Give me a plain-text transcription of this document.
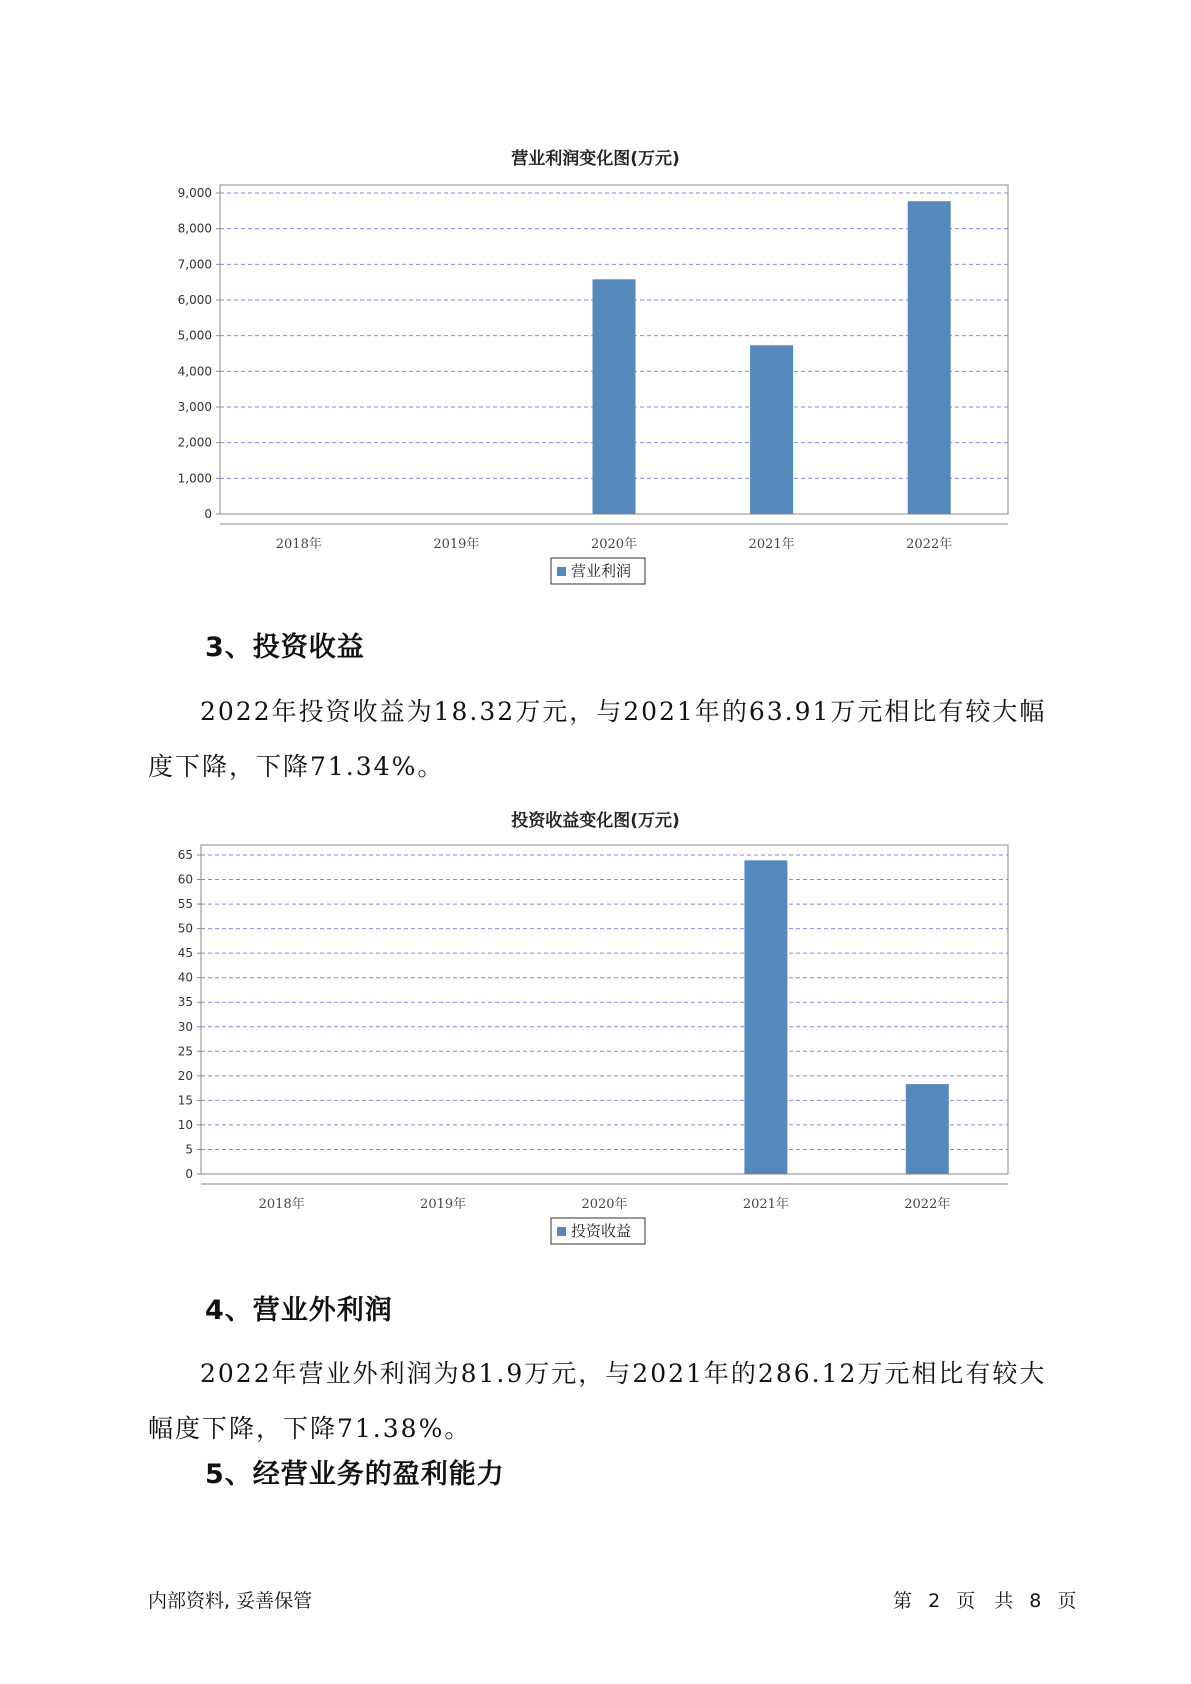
营业利润变化图(万元)
0
1,000
2,000
3,000
4,000
5,000
6,000
7,000
8,000
9,000
2018年	2019年	2020年	2021年	2022年
营业利润
3、投资收益
2022年投资收益为18.32万元，与2021年的63.91万元相比有较大幅度下降，下降71.34%。
投资收益变化图(万元)
0
5
10
15
20
25
30
35
40
45
50
55
60
65
2018年	2019年	2020年	2021年	2022年
投资收益
4、营业外利润
2022年营业外利润为81.9万元，与2021年的286.12万元相比有较大幅度下降，下降71.38%。
5、经营业务的盈利能力
内部资料, 妥善保管	第 2 页　共 8 页
